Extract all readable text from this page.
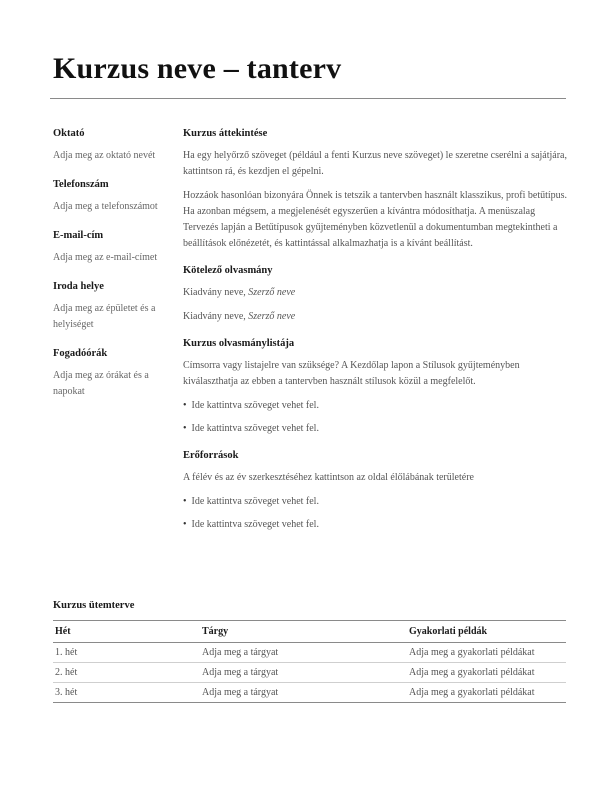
Kurzus neve – tanterv
Oktató
Adja meg az oktató nevét
Telefonszám
Adja meg a telefonszámot
E-mail-cím
Adja meg az e-mail-címet
Iroda helye
Adja meg az épületet és a helyiséget
Fogadóórák
Adja meg az órákat és a napokat
Kurzus áttekintése

Ha egy helyőrző szöveget (például a fenti Kurzus neve szöveget) le szeretne cserélni a sajátjára, kattintson rá, és kezdjen el gépelni.

Hozzáok hasonlóan bizonyára Önnek is tetszik a tantervben használt klasszikus, profi betűtípus. Ha azonban mégsem, a megjelenését egyszerűen a kívántra módosíthatja. A menüszalag Tervezés lapján a Betűtípusok gyűjteményben közvetlenül a dokumentumban megtekintheti a beállítások előnézetét, és kattintással alkalmazhatja is a kívánt beállítást.

Kötelező olvasmány

Kiadvány neve, Szerző neve

Kiadvány neve, Szerző neve

Kurzus olvasmánylistája

Címsorra vagy listajelre van szüksége? A Kezdőlap lapon a Stílusok gyűjteményben kiválaszthatja az ebben a tantervben használt stílusok közül a megfelelőt.

• Ide kattintva szöveget vehet fel.
• Ide kattintva szöveget vehet fel.
Erőforrások

A félév és az év szerkesztéséhez kattintson az oldal élőlábának területére

• Ide kattintva szöveget vehet fel.
• Ide kattintva szöveget vehet fel.
Kurzus ütemterve
Hét	Tárgy	Gyakorlati példák
1. hét	Adja meg a tárgyat	Adja meg a gyakorlati példákat
2. hét	Adja meg a tárgyat	Adja meg a gyakorlati példákat
3. hét	Adja meg a tárgyat	Adja meg a gyakorlati példákat
